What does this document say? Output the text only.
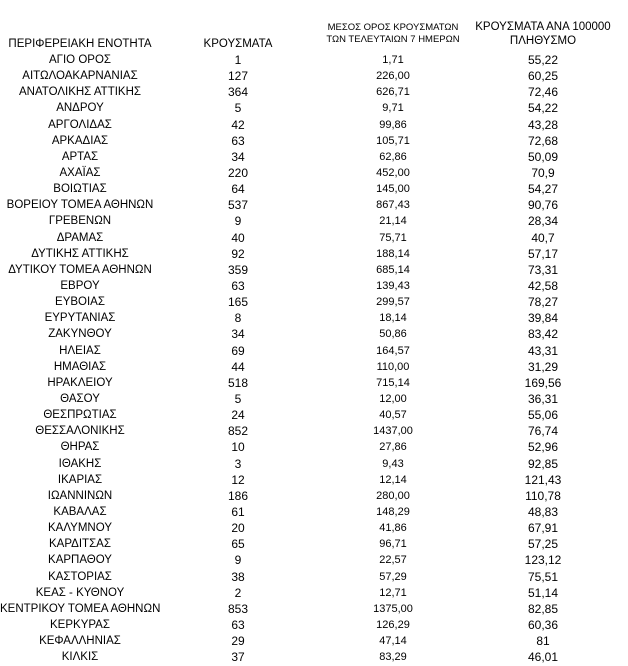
ΠΕΡΙΦΕΡΕΙΑΚΗ ΕΝΟΤΗΤΑ	ΚΡΟΥΣΜΑΤΑ
ΜΕΣΟΣ ΟΡΟΣ ΚΡΟΥΣΜΑΤΩΝ
ΤΩΝ ΤΕΛΕΥΤΑΙΩΝ 7 ΗΜΕΡΩΝ
ΚΡΟΥΣΜΑΤΑ ΑΝΑ 100000
ΠΛΗΘΥΣΜΟ
ΑΓΙΟ ΟΡΟΣ	1	1,71	55,22
ΑΙΤΩΛΟΑΚΑΡΝΑΝΙΑΣ	127	226,00	60,25
ΑΝΑΤΟΛΙΚΗΣ ΑΤΤΙΚΗΣ	364	626,71	72,46
ΑΝΔΡΟΥ	5	9,71	54,22
ΑΡΓΟΛΙΔΑΣ	42	99,86	43,28
ΑΡΚΑΔΙΑΣ	63	105,71	72,68
ΑΡΤΑΣ	34	62,86	50,09
ΑΧΑΪΑΣ	220	452,00	70,9
ΒΟΙΩΤΙΑΣ	64	145,00	54,27
ΒΟΡΕΙΟΥ ΤΟΜΕΑ ΑΘΗΝΩΝ	537	867,43	90,76
ΓΡΕΒΕΝΩΝ	9	21,14	28,34
ΔΡΑΜΑΣ	40	75,71	40,7
ΔΥΤΙΚΗΣ ΑΤΤΙΚΗΣ	92	188,14	57,17
ΔΥΤΙΚΟΥ ΤΟΜΕΑ ΑΘΗΝΩΝ	359	685,14	73,31
ΕΒΡΟΥ	63	139,43	42,58
ΕΥΒΟΙΑΣ	165	299,57	78,27
ΕΥΡΥΤΑΝΙΑΣ	8	18,14	39,84
ΖΑΚΥΝΘΟΥ	34	50,86	83,42
ΗΛΕΙΑΣ	69	164,57	43,31
ΗΜΑΘΙΑΣ	44	110,00	31,29
ΗΡΑΚΛΕΙΟΥ	518	715,14	169,56
ΘΑΣΟΥ	5	12,00	36,31
ΘΕΣΠΡΩΤΙΑΣ	24	40,57	55,06
ΘΕΣΣΑΛΟΝΙΚΗΣ	852	1437,00	76,74
ΘΗΡΑΣ	10	27,86	52,96
ΙΘΑΚΗΣ	3	9,43	92,85
ΙΚΑΡΙΑΣ	12	12,14	121,43
ΙΩΑΝΝΙΝΩΝ	186	280,00	110,78
ΚΑΒΑΛΑΣ	61	148,29	48,83
ΚΑΛΥΜΝΟΥ	20	41,86	67,91
ΚΑΡΔΙΤΣΑΣ	65	96,71	57,25
ΚΑΡΠΑΘΟΥ	9	22,57	123,12
ΚΑΣΤΟΡΙΑΣ	38	57,29	75,51
ΚΕΑΣ - ΚΥΘΝΟΥ	2	12,71	51,14
ΚΕΝΤΡΙΚΟΥ ΤΟΜΕΑ ΑΘΗΝΩΝ	853	1375,00	82,85
ΚΕΡΚΥΡΑΣ	63	126,29	60,36
ΚΕΦΑΛΛΗΝΙΑΣ	29	47,14	81
ΚΙΛΚΙΣ	37	83,29	46,01
